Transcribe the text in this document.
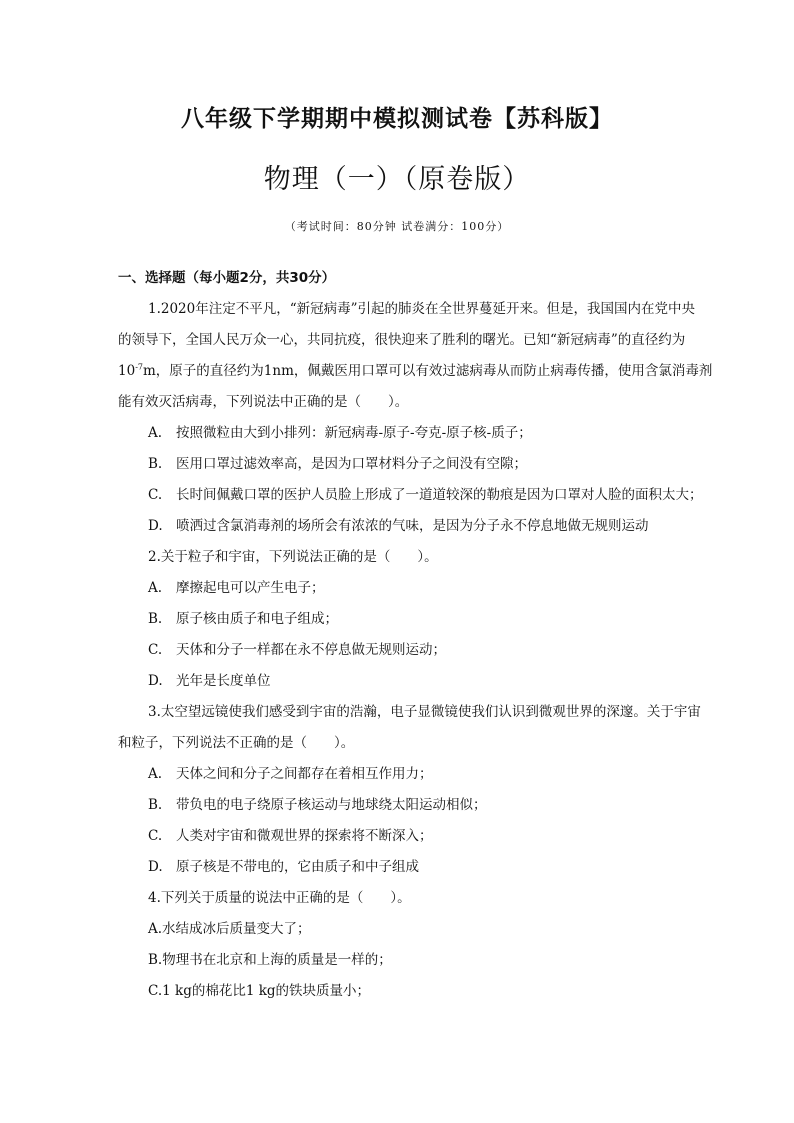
八年级下学期期中模拟测试卷【苏科版】
物理（一）（原卷版）
（考试时间：80分钟 试卷满分：100分）
一、选择题（每小题2分，共30分）
1.2020年注定不平凡，“新冠病毒”引起的肺炎在全世界蔓延开来。但是，我国国内在党中央
的领导下，全国人民万众一心，共同抗疫，很快迎来了胜利的曙光。已知“新冠病毒”的直径约为
$10^{-7}m$，原子的直径约为1nm，佩戴医用口罩可以有效过滤病毒从而防止病毒传播，使用含氯消毒剂
能有效灭活病毒，下列说法中正确的是（　　）。
A. 按照微粒由大到小排列：新冠病毒-原子-夸克-原子核-质子；
B. 医用口罩过滤效率高，是因为口罩材料分子之间没有空隙；
C. 长时间佩戴口罩的医护人员脸上形成了一道道较深的勒痕是因为口罩对人脸的面积太大；
D. 喷洒过含氯消毒剂的场所会有浓浓的气味，是因为分子永不停息地做无规则运动
2.关于粒子和宇宙，下列说法正确的是（　　）。
A. 摩擦起电可以产生电子；
B. 原子核由质子和电子组成；
C. 天体和分子一样都在永不停息做无规则运动；
D. 光年是长度单位
3.太空望远镜使我们感受到宇宙的浩瀚，电子显微镜使我们认识到微观世界的深邃。关于宇宙
和粒子，下列说法不正确的是（　　）。
A. 天体之间和分子之间都存在着相互作用力；
B. 带负电的电子绕原子核运动与地球绕太阳运动相似；
C. 人类对宇宙和微观世界的探索将不断深入；
D. 原子核是不带电的，它由质子和中子组成
4.下列关于质量的说法中正确的是（　　）。
A.水结成冰后质量变大了；
B.物理书在北京和上海的质量是一样的；
C.1 kg的棉花比1 kg的铁块质量小；
